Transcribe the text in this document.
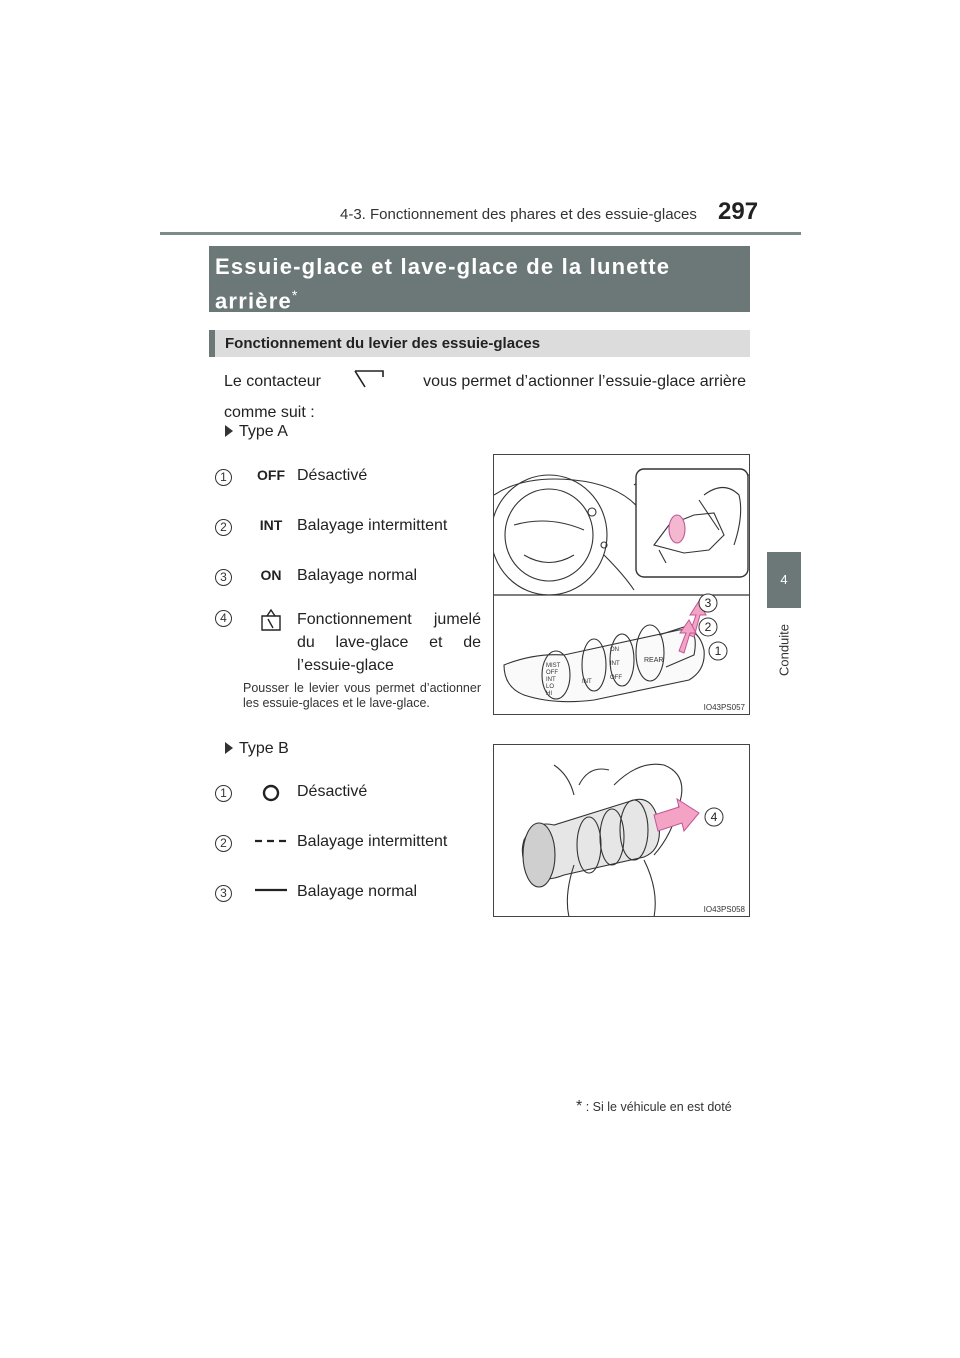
4-3. Fonctionnement des phares et des essuie-glaces 297
4
Conduite
Essuie-glace et lave-glace de la lunette arrière*
Fonctionnement du levier des essuie-glaces
Le contacteur	vous permet d’actionner l’essuie-glace arrière
comme suit :
Type A
1	OFF Désactivé
2	INT Balayage intermittent
3	ON Balayage normal
4	Fonctionnement jumelé du lave-glace et de l’essuie-glace
Pousser le levier vous permet d’actionner les essuie-glaces et le lave-glace.
MIST
OFF
INT
LO
HI
INT
ON
INT
OFF
REAR
3
2
1
IO43PS057
Type B
1	Désactivé
2	Balayage intermittent
3	Balayage normal
4
IO43PS058
* : Si le véhicule en est doté
